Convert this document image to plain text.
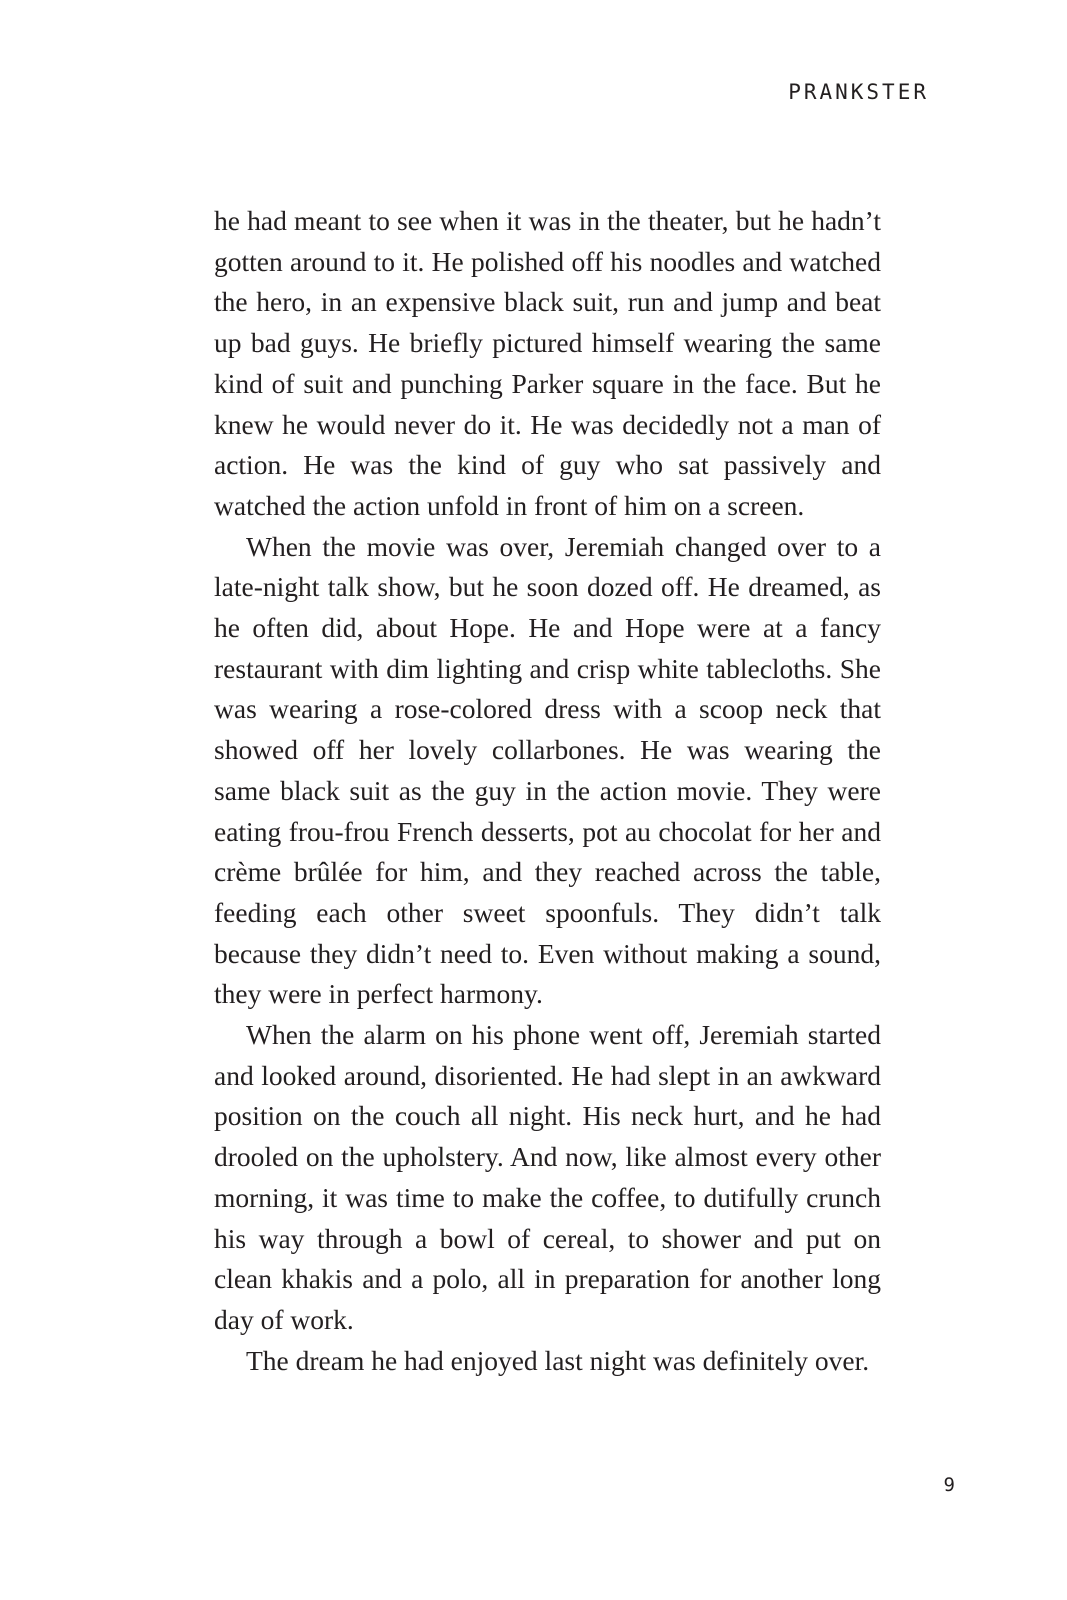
PRANKSTER

he had meant to see when it was in the theater, but he hadn’t gotten around to it. He polished off his noodles and watched the hero, in an expensive black suit, run and jump and beat up bad guys. He briefly pictured himself wearing the same kind of suit and punching Parker square in the face. But he knew he would never do it. He was decidedly not a man of action. He was the kind of guy who sat passively and watched the action unfold in front of him on a screen.

When the movie was over, Jeremiah changed over to a late-night talk show, but he soon dozed off. He dreamed, as he often did, about Hope. He and Hope were at a fancy restaurant with dim lighting and crisp white tablecloths. She was wearing a rose-colored dress with a scoop neck that showed off her lovely collarbones. He was wearing the same black suit as the guy in the action movie. They were eating frou-frou French desserts, pot au chocolat for her and crème brûlée for him, and they reached across the table, feeding each other sweet spoonfuls. They didn’t talk because they didn’t need to. Even without making a sound, they were in perfect harmony.

When the alarm on his phone went off, Jeremiah started and looked around, disoriented. He had slept in an awkward position on the couch all night. His neck hurt, and he had drooled on the upholstery. And now, like almost every other morning, it was time to make the coffee, to dutifully crunch his way through a bowl of cereal, to shower and put on clean khakis and a polo, all in preparation for another long day of work.

The dream he had enjoyed last night was definitely over.

9
